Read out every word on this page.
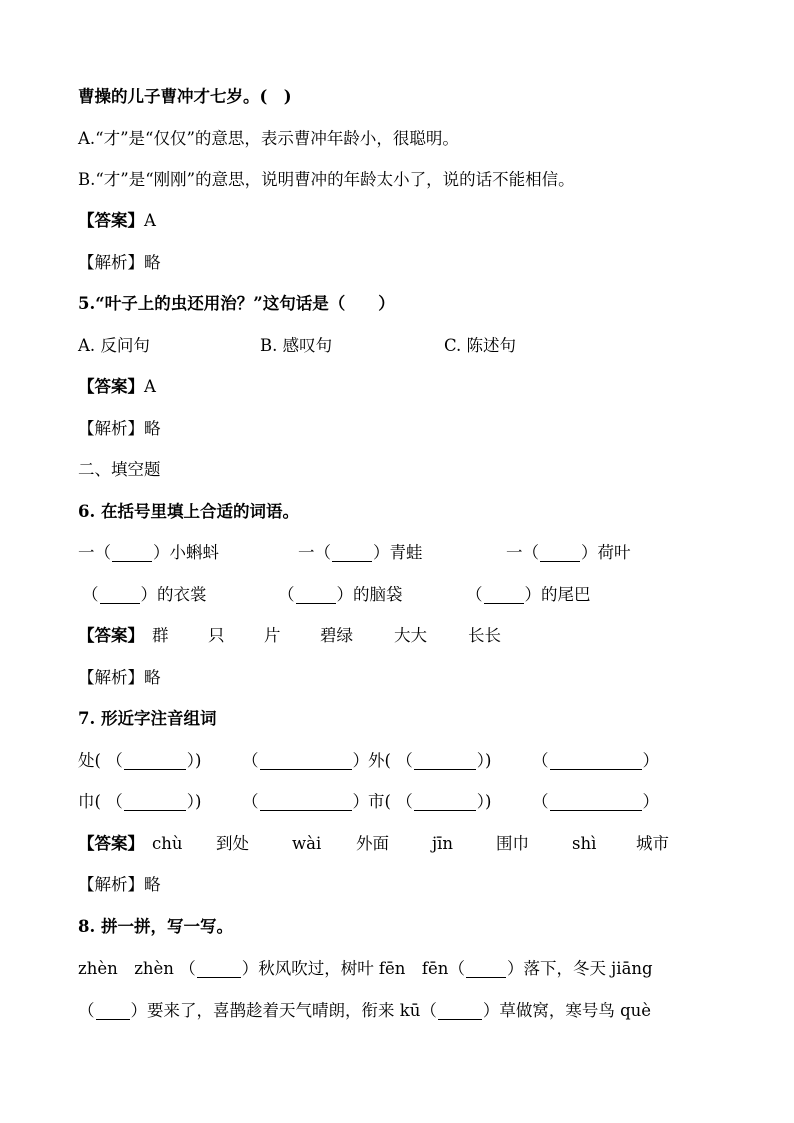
曹操的儿子曹冲才七岁。(　)
A.“才”是“仅仅”的意思，表示曹冲年龄小，很聪明。
B.“才”是“刚刚”的意思，说明曹冲的年龄太小了，说的话不能相信。
【答案】A
【解析】略
5.“叶子上的虫还用治？”这句话是（　　）
A. 反问句	B. 感叹句	C. 陈述句
【答案】A
【解析】略
二、填空题
6. 在括号里填上合适的词语。
一（	）小蝌蚪	一（	）青蛙	一（	）荷叶
（	）的衣裳	（	）的脑袋	（	）的尾巴
【答案】 群 只 片 碧绿 大大 长长
【解析】略
7. 形近字注音组词
处( （	）) （	） 外( （	）) （	）
巾( （	）) （	） 市( （	）) （	）
【答案】 chù 到处	wài 外面	jīn	围巾	shì 城市
【解析】略
8. 拼一拼，写一写。
zhèn　zhèn （	）秋风吹过，树叶 fēn　fēn（	）落下，冬天 jiāng
（ ）要来了，喜鹊趁着天气晴朗，衔来 kū（	）草做窝，寒号鸟 què
